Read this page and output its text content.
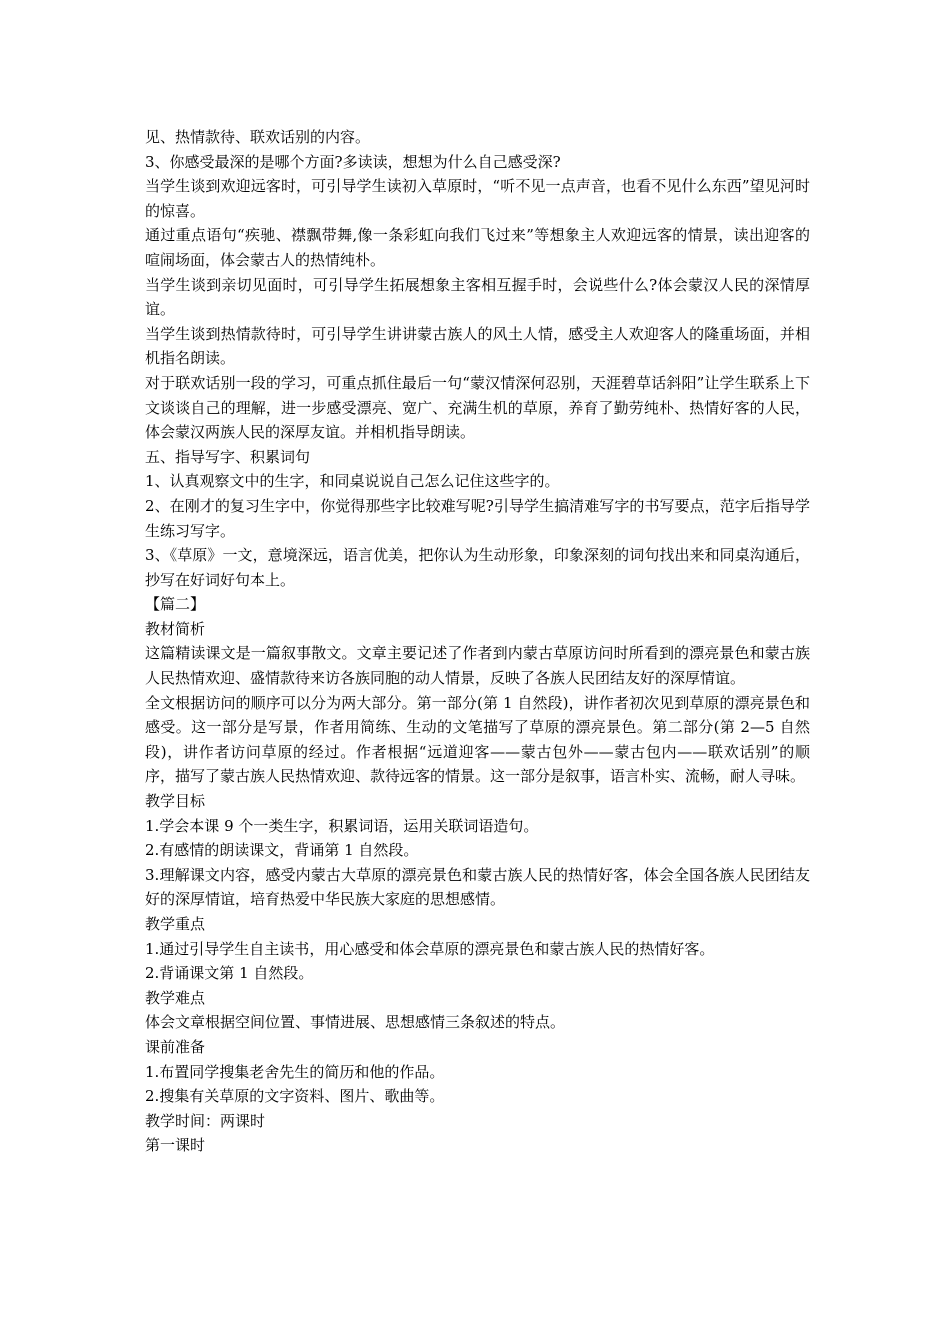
见、热情款待、联欢话别的内容。

3、你感受最深的是哪个方面?多读读，想想为什么自己感受深?

当学生谈到欢迎远客时，可引导学生读初入草原时，“听不见一点声音，也看不见什么东西”望见河时的惊喜。

通过重点语句“疾驰、襟飘带舞,像一条彩虹向我们飞过来”等想象主人欢迎远客的情景，读出迎客的喧闹场面，体会蒙古人的热情纯朴。

当学生谈到亲切见面时，可引导学生拓展想象主客相互握手时，会说些什么?体会蒙汉人民的深情厚谊。

当学生谈到热情款待时，可引导学生讲讲蒙古族人的风土人情，感受主人欢迎客人的隆重场面，并相机指名朗读。

对于联欢话别一段的学习，可重点抓住最后一句“蒙汉情深何忍别，天涯碧草话斜阳”让学生联系上下文谈谈自己的理解，进一步感受漂亮、宽广、充满生机的草原，养育了勤劳纯朴、热情好客的人民，体会蒙汉两族人民的深厚友谊。并相机指导朗读。

五、指导写字、积累词句

1、认真观察文中的生字，和同桌说说自己怎么记住这些字的。

2、在刚才的复习生字中，你觉得那些字比较难写呢?引导学生搞清难写字的书写要点，范字后指导学生练习写字。

3、《草原》一文，意境深远，语言优美，把你认为生动形象，印象深刻的词句找出来和同桌沟通后，抄写在好词好句本上。

【篇二】

教材简析

这篇精读课文是一篇叙事散文。文章主要记述了作者到内蒙古草原访问时所看到的漂亮景色和蒙古族人民热情欢迎、盛情款待来访各族同胞的动人情景，反映了各族人民团结友好的深厚情谊。

全文根据访问的顺序可以分为两大部分。第一部分(第 1 自然段)，讲作者初次见到草原的漂亮景色和感受。这一部分是写景，作者用简练、生动的文笔描写了草原的漂亮景色。第二部分(第 2—5 自然段)，讲作者访问草原的经过。作者根据“远道迎客——蒙古包外——蒙古包内——联欢话别”的顺序，描写了蒙古族人民热情欢迎、款待远客的情景。这一部分是叙事，语言朴实、流畅，耐人寻味。

教学目标

1.学会本课 9 个一类生字，积累词语，运用关联词语造句。

2.有感情的朗读课文，背诵第 1 自然段。

3.理解课文内容，感受内蒙古大草原的漂亮景色和蒙古族人民的热情好客，体会全国各族人民团结友好的深厚情谊，培育热爱中华民族大家庭的思想感情。

教学重点

1.通过引导学生自主读书，用心感受和体会草原的漂亮景色和蒙古族人民的热情好客。

2.背诵课文第 1 自然段。

教学难点

体会文章根据空间位置、事情进展、思想感情三条叙述的特点。

课前准备

1.布置同学搜集老舍先生的简历和他的作品。

2.搜集有关草原的文字资料、图片、歌曲等。

教学时间：两课时

第一课时
